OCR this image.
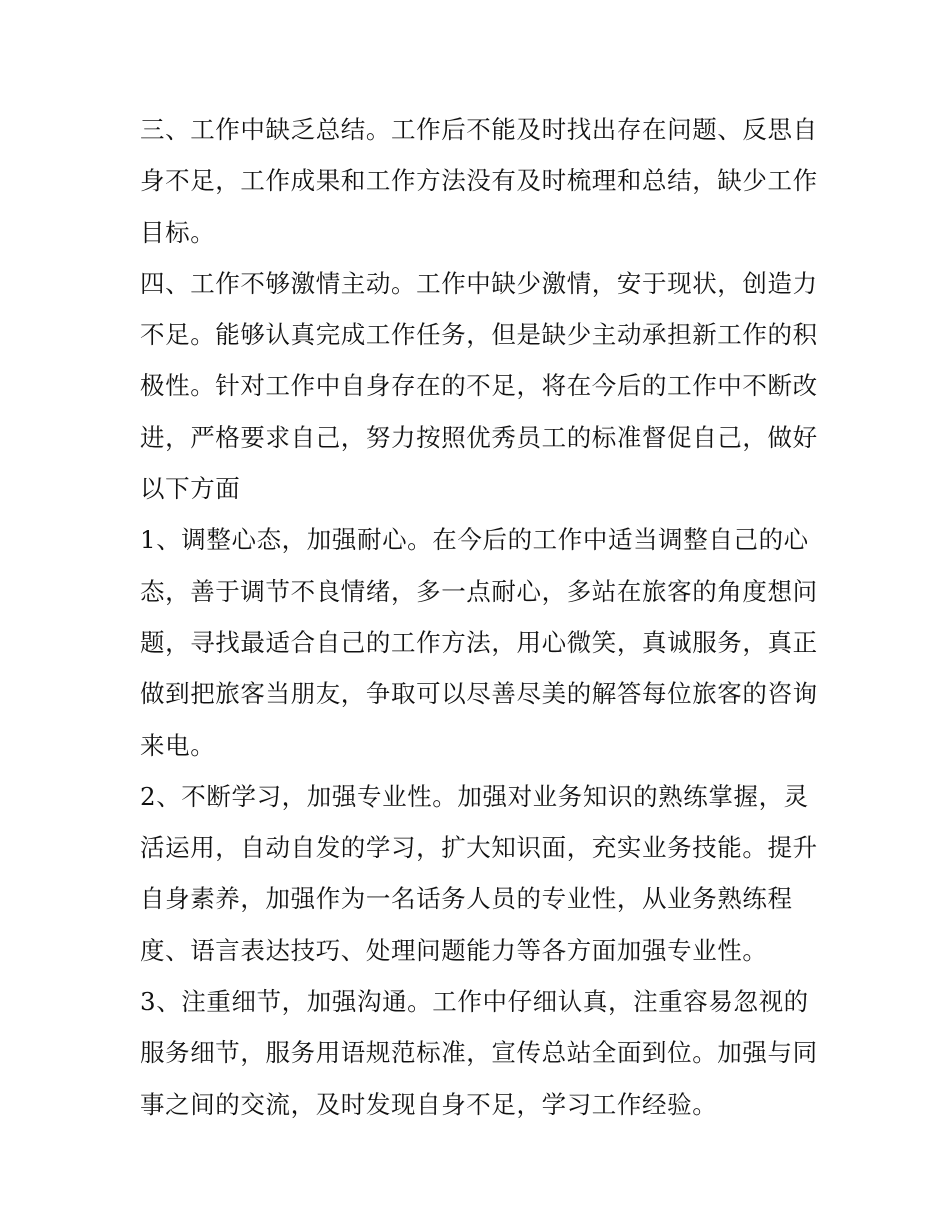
三、工作中缺乏总结。工作后不能及时找出存在问题、反思自
身不足，工作成果和工作方法没有及时梳理和总结，缺少工作
目标。

四、工作不够激情主动。工作中缺少激情，安于现状，创造力
不足。能够认真完成工作任务，但是缺少主动承担新工作的积
极性。针对工作中自身存在的不足，将在今后的工作中不断改
进，严格要求自己，努力按照优秀员工的标准督促自己，做好
以下方面

1、调整心态，加强耐心。在今后的工作中适当调整自己的心
态，善于调节不良情绪，多一点耐心，多站在旅客的角度想问
题，寻找最适合自己的工作方法，用心微笑，真诚服务，真正
做到把旅客当朋友，争取可以尽善尽美的解答每位旅客的咨询
来电。

2、不断学习，加强专业性。加强对业务知识的熟练掌握，灵
活运用，自动自发的学习，扩大知识面，充实业务技能。提升
自身素养，加强作为一名话务人员的专业性，从业务熟练程
度、语言表达技巧、处理问题能力等各方面加强专业性。

3、注重细节，加强沟通。工作中仔细认真，注重容易忽视的
服务细节，服务用语规范标准，宣传总站全面到位。加强与同
事之间的交流，及时发现自身不足，学习工作经验。
